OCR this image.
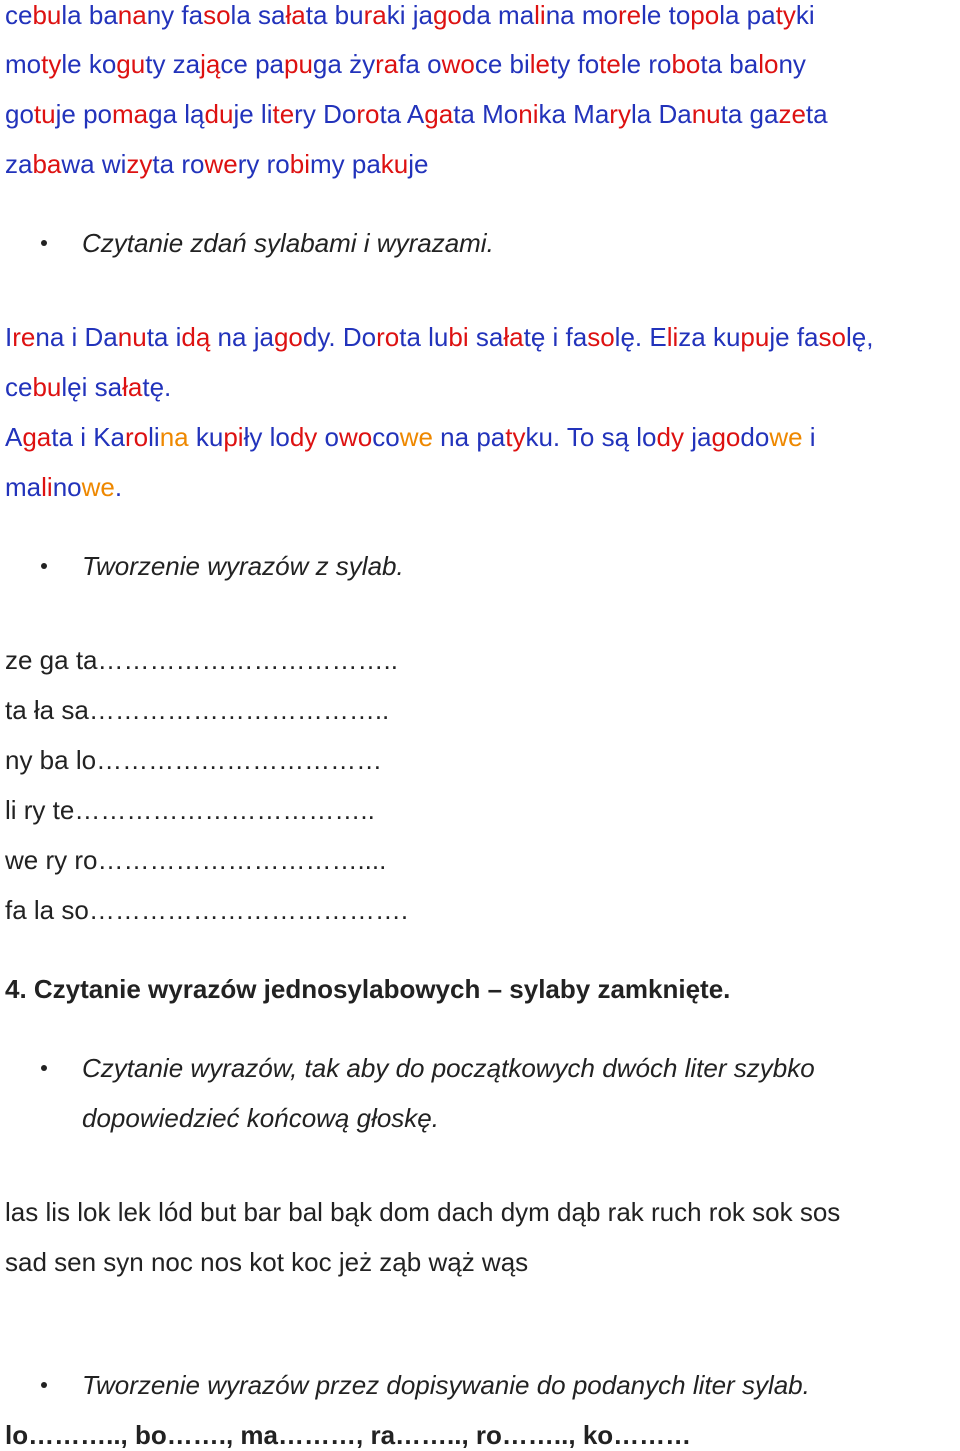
cebula banany fasola sałata buraki jagoda malina morele topola patyki
motyle koguty zające papuga żyrafa owoce bilety fotele robota balony
gotuje pomaga ląduje litery Dorota Agata Monika Maryla Danuta gazeta
zabawa wizyta rowery robimy pakuje
Czytanie zdań sylabami i wyrazami.
Irena i Danuta idą na jagody. Dorota lubi sałatę i fasolę. Eliza kupuje fasolę,
cebulęi sałatę.
Agata i Karolina kupiły lody owocowe na patyku. To są lody jagodowe i
malinowe.
Tworzenie wyrazów z sylab.
ze ga ta……………………………..
ta ła sa……………………………..
ny ba lo……………………………
li ry te……………………………..
we ry ro…………………………....
fa la so……………………………….
4. Czytanie wyrazów jednosylabowych – sylaby zamknięte.
Czytanie wyrazów, tak aby do początkowych dwóch liter szybko
dopowiedzieć końcową głoskę.
las lis lok lek lód but bar bal bąk dom dach dym dąb rak ruch rok sok sos
sad sen syn noc nos kot koc jeż ząb wąż wąs
Tworzenie wyrazów przez dopisywanie do podanych liter sylab.
lo……….., bo……., ma………, ra…….., ro…….., ko………
